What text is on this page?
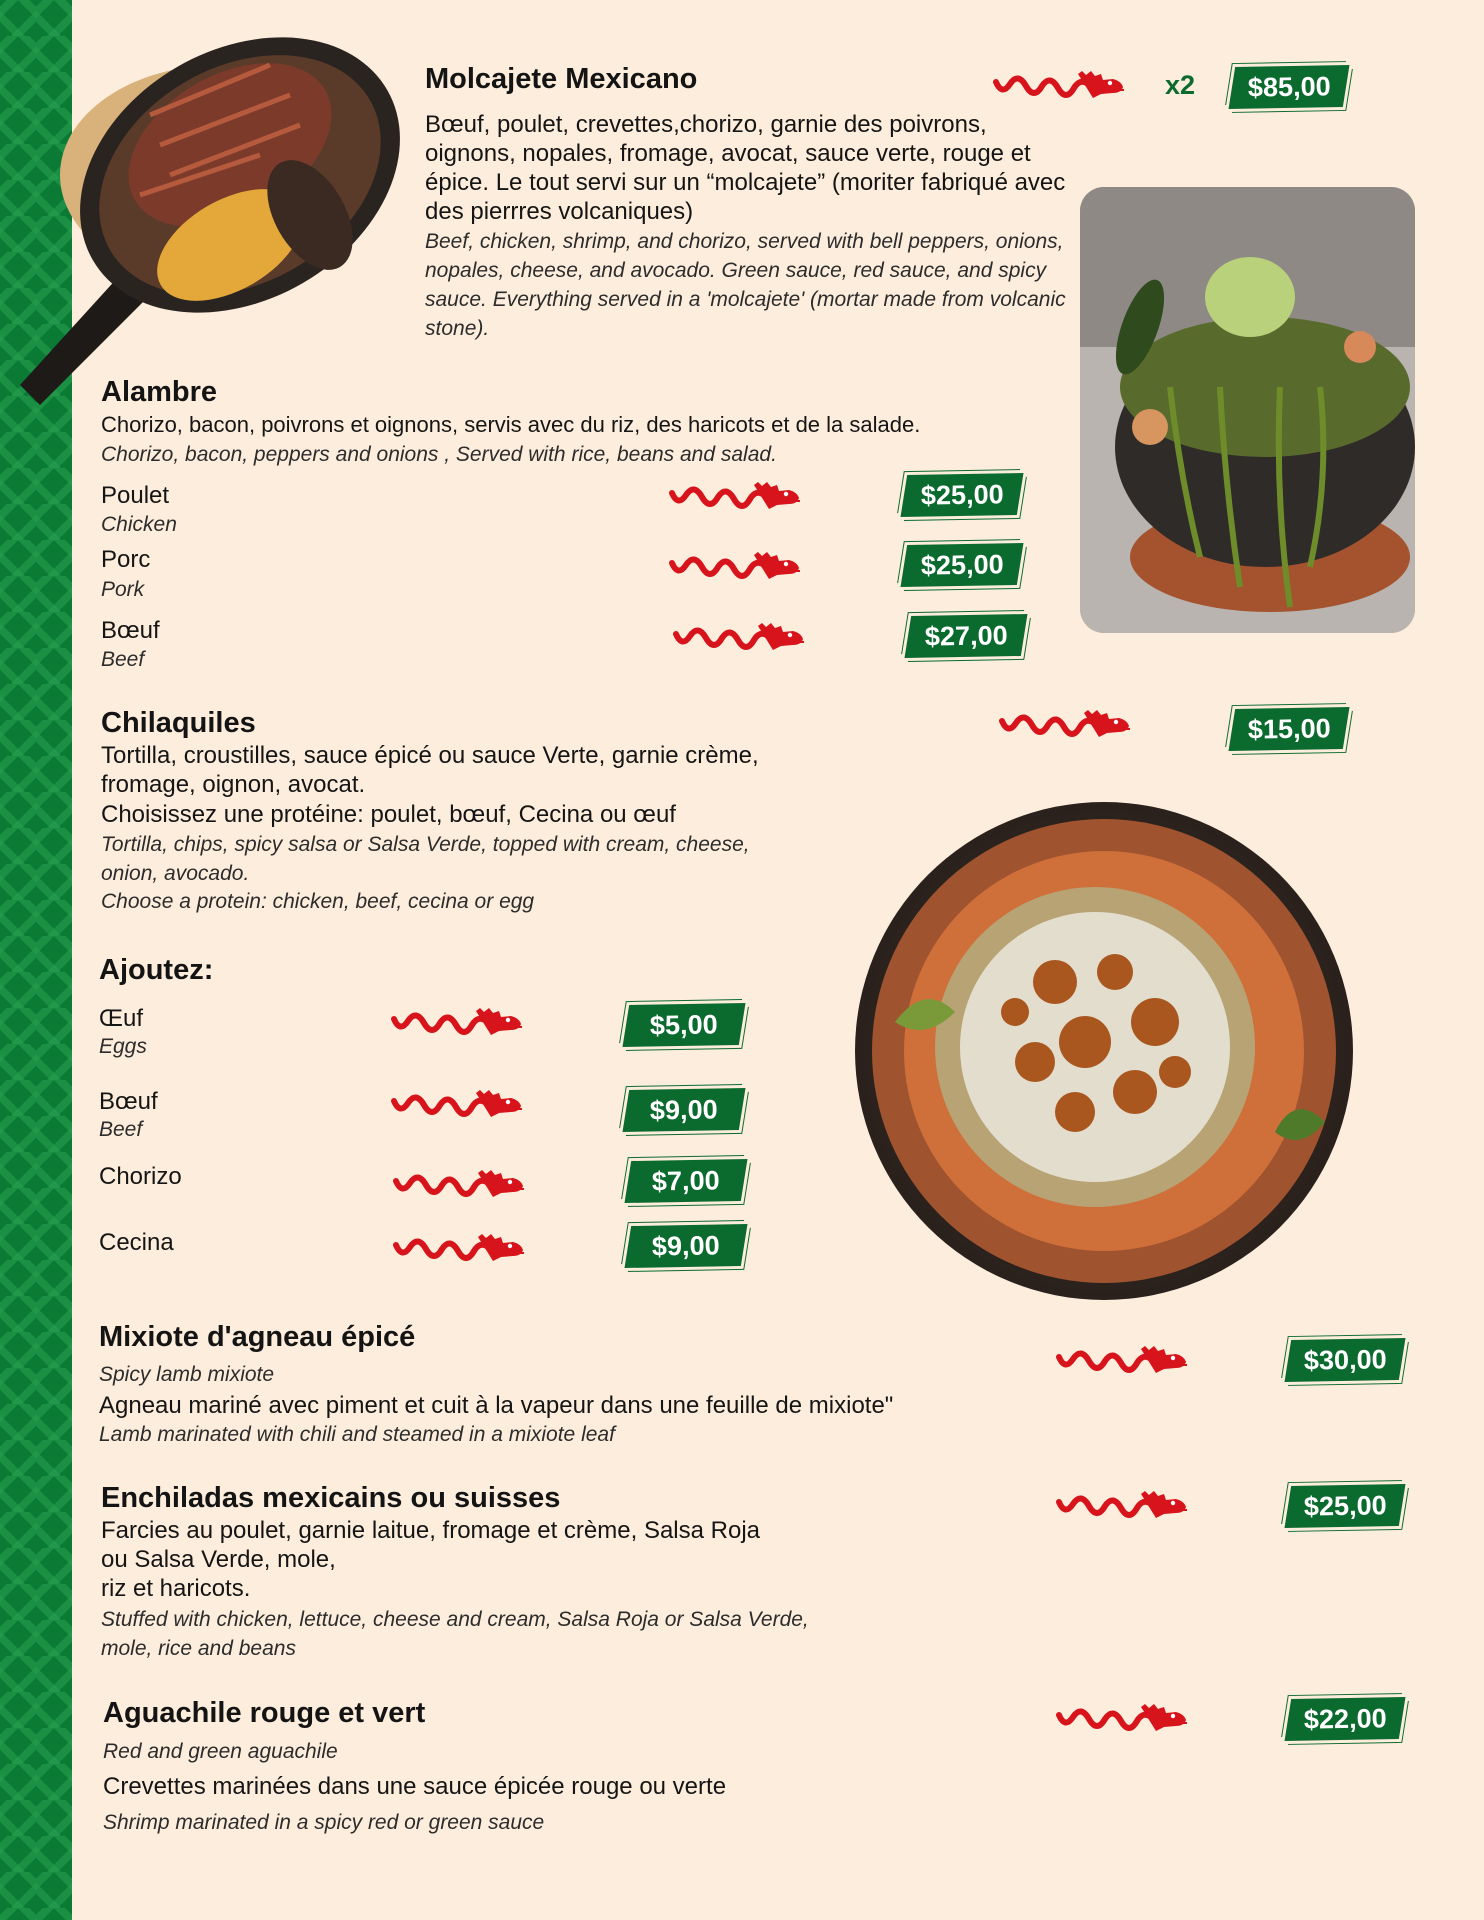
Molcajete Mexicano	x2	$85,00
Bœuf, poulet, crevettes,chorizo, garnie des poivrons, oignons, nopales, fromage, avocat, sauce verte, rouge et épice. Le tout servi sur un “molcajete” (moriter fabriqué avec des pierrres volcaniques)
Beef, chicken, shrimp, and chorizo, served with bell peppers, onions, nopales, cheese, and avocado. Green sauce, red sauce, and spicy sauce. Everything served in a 'molcajete' (mortar made from volcanic stone).
Alambre
Chorizo, bacon, poivrons et oignons, servis avec du riz, des haricots et de la salade.
Chorizo, bacon, peppers and onions , Served with rice, beans and salad.
Poulet
Chicken
$25,00
Porc
Pork
$25,00
Bœuf
Beef
$27,00
Chilaquiles	$15,00
Tortilla, croustilles, sauce épicé ou sauce Verte, garnie crème, fromage, oignon, avocat.
Choisissez une protéine: poulet, bœuf, Cecina ou œuf
Tortilla, chips, spicy salsa or Salsa Verde, topped with cream, cheese, onion, avocado.
Choose a protein: chicken, beef, cecina or egg
Ajoutez:
Œuf
Eggs
$5,00
Bœuf
Beef
$9,00
Chorizo	$7,00
Cecina	$9,00
Mixiote d'agneau épicé
$30,00
Spicy lamb mixiote
Agneau mariné avec piment et cuit à la vapeur dans une feuille de mixiote"
Lamb marinated with chili and steamed in a mixiote leaf
Enchiladas mexicains ou suisses	$25,00
Farcies au poulet, garnie laitue, fromage et crème, Salsa Roja
ou Salsa Verde, mole,
riz et haricots.
Stuffed with chicken, lettuce, cheese and cream, Salsa Roja or Salsa Verde, mole, rice and beans
Aguachile rouge et vert	$22,00
Red and green aguachile
Crevettes marinées dans une sauce épicée rouge ou verte
Shrimp marinated in a spicy red or green sauce
